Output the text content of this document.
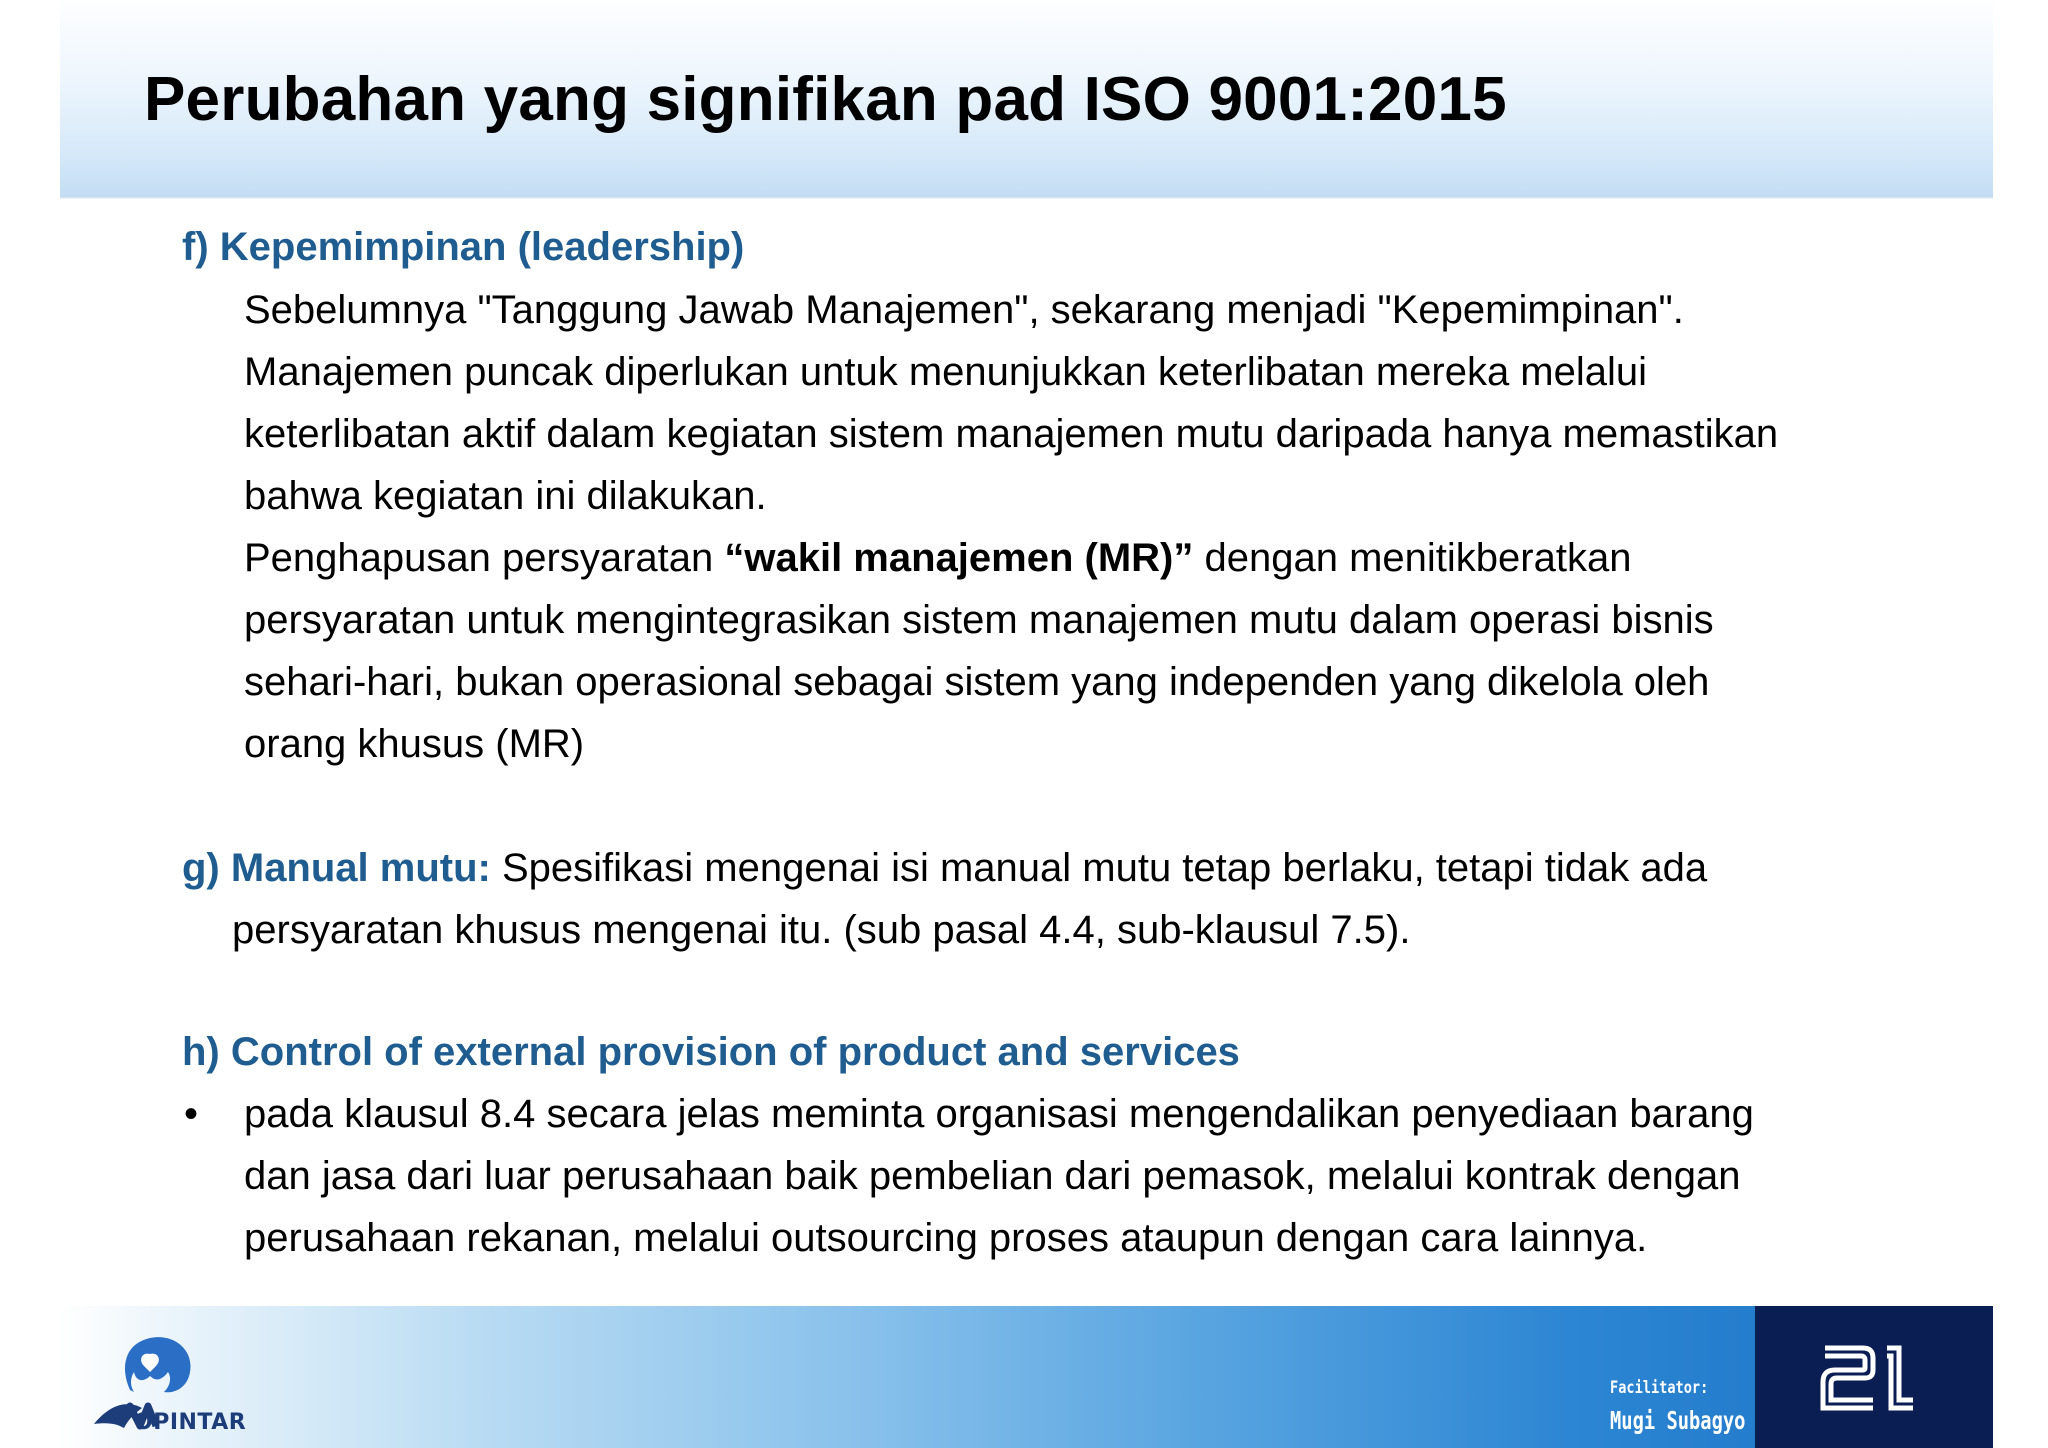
Perubahan yang signifikan pad ISO 9001:2015
f) Kepemimpinan (leadership)
Sebelumnya "Tanggung Jawab Manajemen", sekarang menjadi "Kepemimpinan".
Manajemen puncak diperlukan untuk menunjukkan keterlibatan mereka melalui
keterlibatan aktif dalam kegiatan sistem manajemen mutu daripada hanya memastikan
bahwa kegiatan ini dilakukan.
Penghapusan persyaratan “wakil manajemen (MR)” dengan menitikberatkan
persyaratan untuk mengintegrasikan sistem manajemen mutu dalam operasi bisnis
sehari-hari, bukan operasional sebagai sistem yang independen yang dikelola oleh
orang khusus (MR)
g) Manual mutu: Spesifikasi mengenai isi manual mutu tetap berlaku, tetapi tidak ada
persyaratan khusus mengenai itu. (sub pasal 4.4, sub-klausul 7.5).
h) Control of external provision of product and services
• pada klausul 8.4 secara jelas meminta organisasi mengendalikan penyediaan barang
dan jasa dari luar perusahaan baik pembelian dari pemasok, melalui kontrak dengan
perusahaan rekanan, melalui outsourcing proses ataupun dengan cara lainnya.
OPINTAR
Facilitator:
Mugi Subagyo
